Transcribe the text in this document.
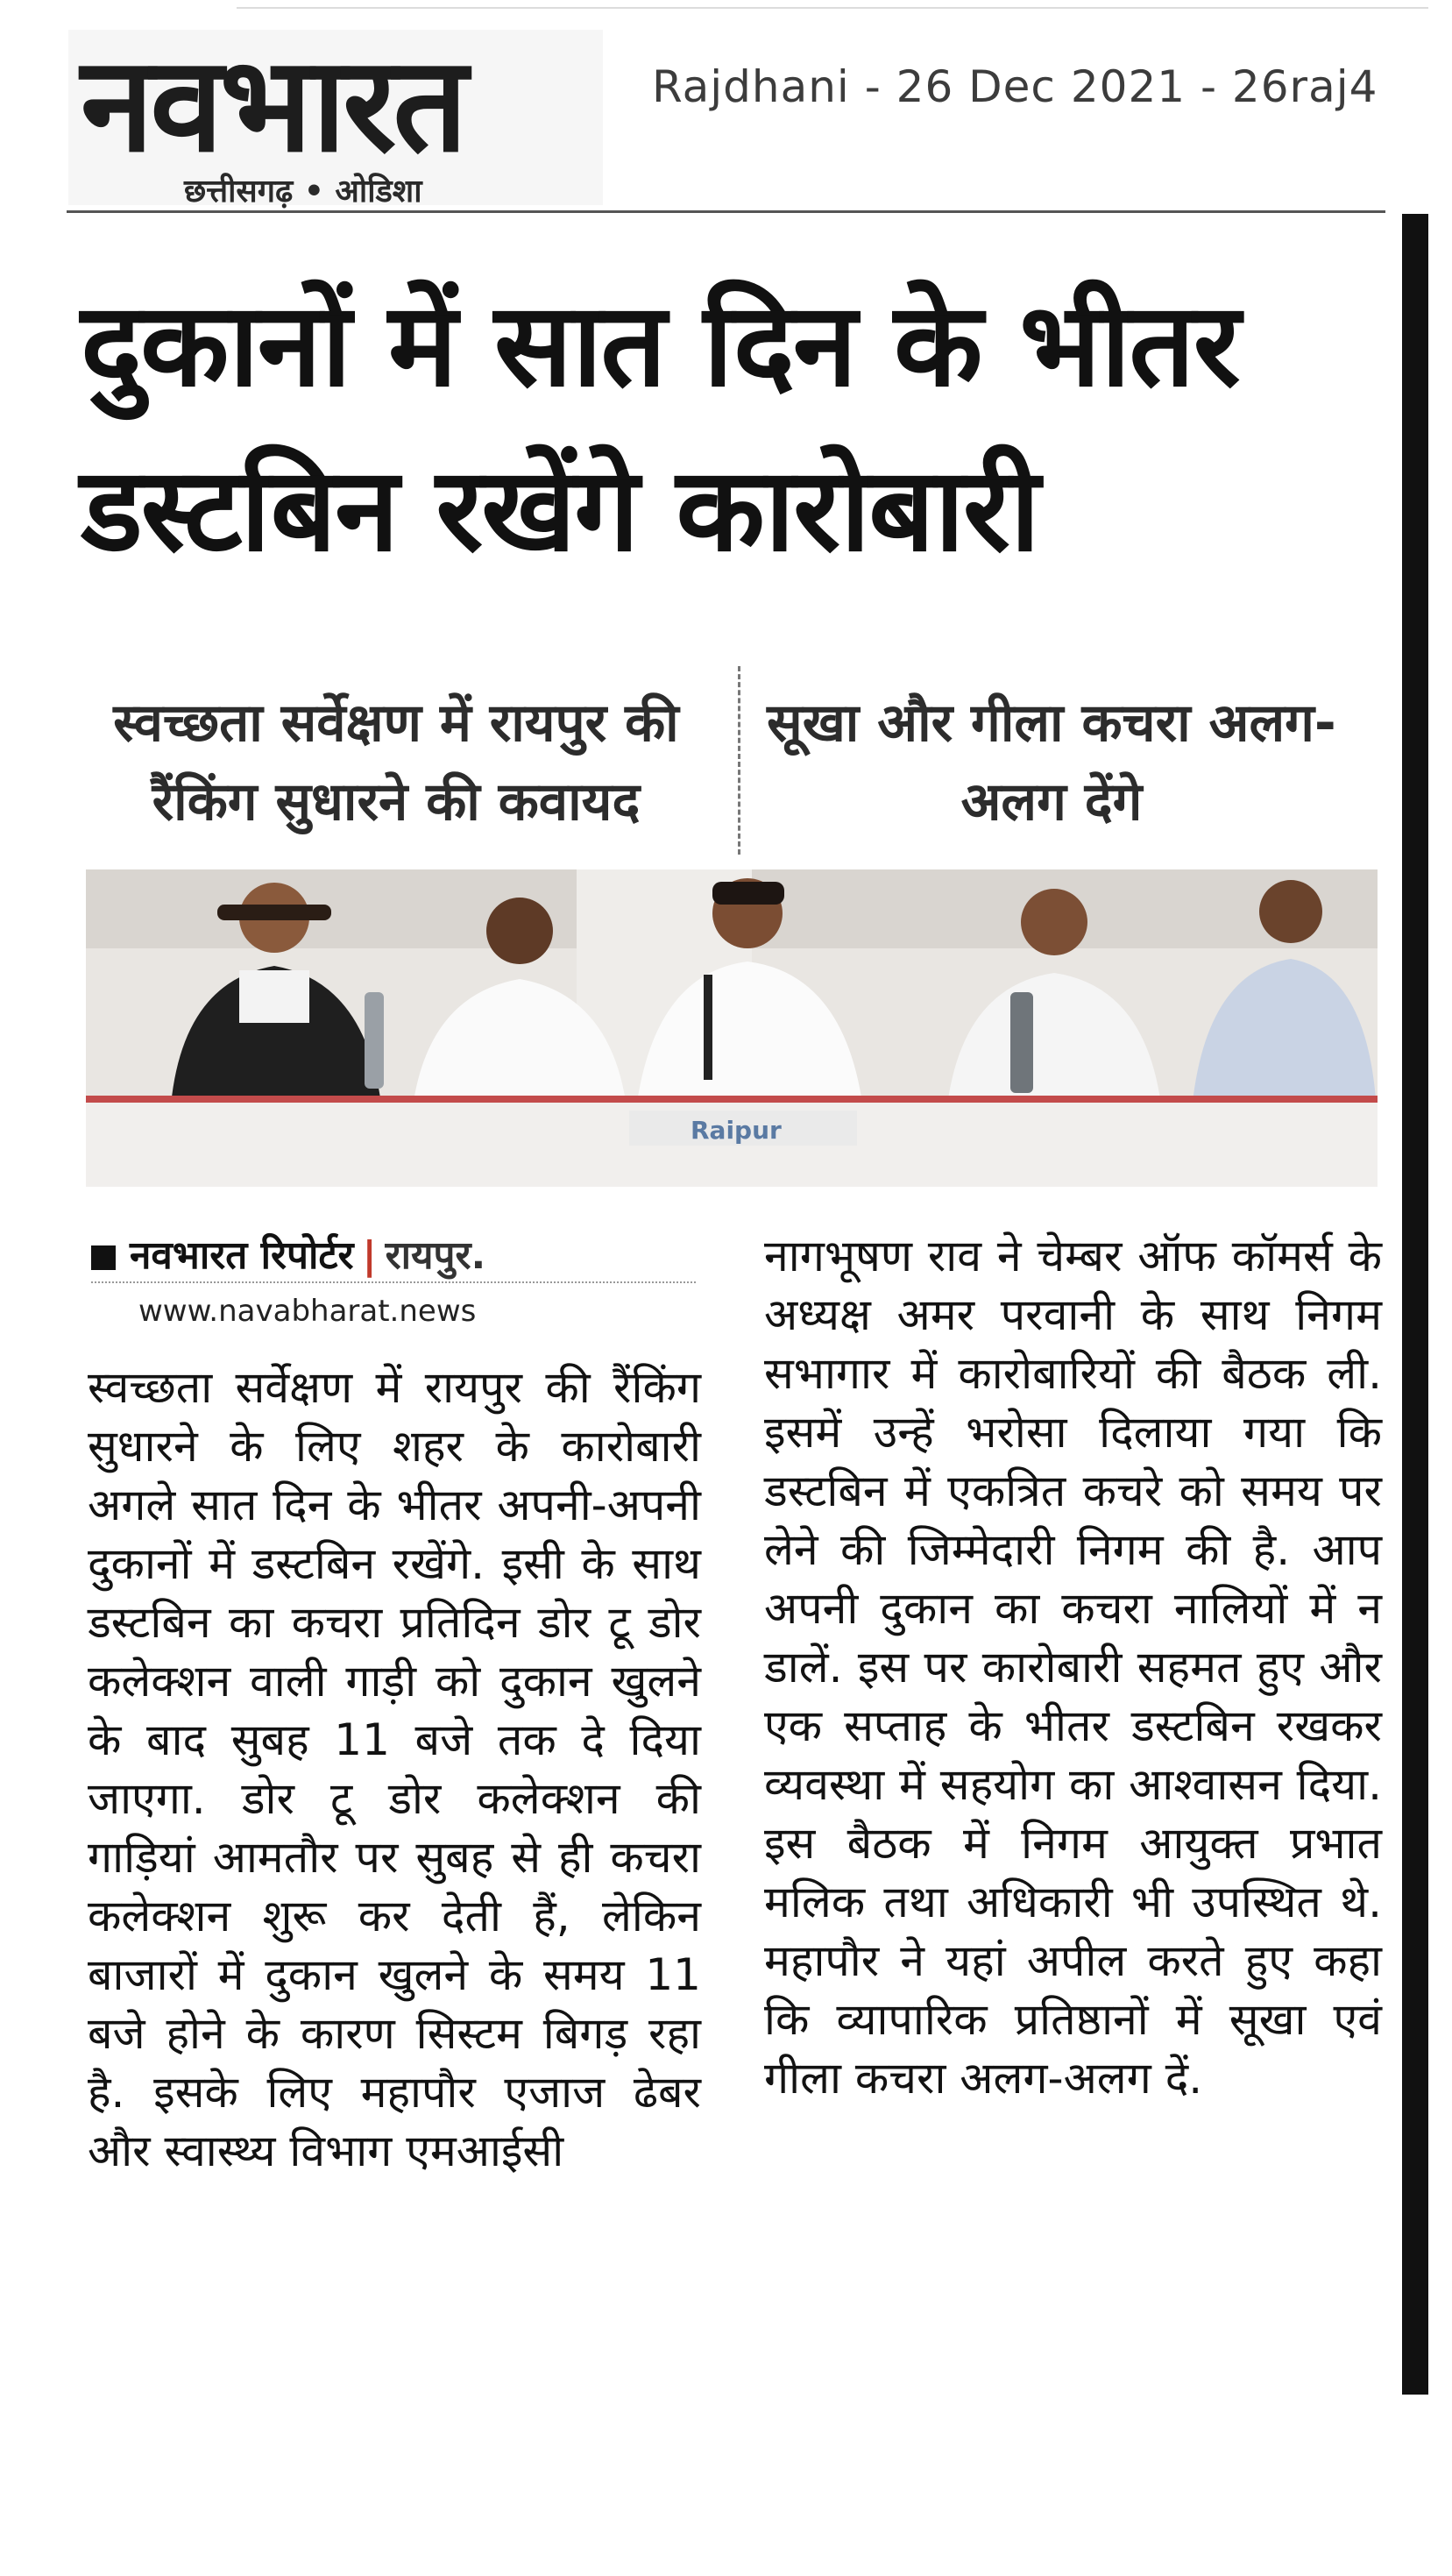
नवभारत
छत्तीसगढ़ • ओडिशा
Rajdhani - 26 Dec 2021 - 26raj4
दुकानों में सात दिन के भीतर
डस्टबिन रखेंगे कारोबारी
स्वच्छता सर्वेक्षण में रायपुर की रैंकिंग सुधारने की कवायद
सूखा और गीला कचरा अलग-अलग देंगे
Raipur
नवभारत रिपोर्टर | रायपुर.
www.navabharat.news
स्वच्छता सर्वेक्षण में रायपुर की रैंकिंग सुधारने के लिए शहर के कारोबारी अगले सात दिन के भीतर अपनी-अपनी दुकानों में डस्टबिन रखेंगे. इसी के साथ डस्टबिन का कचरा प्रतिदिन डोर टू डोर कलेक्शन वाली गाड़ी को दुकान खुलने के बाद सुबह 11 बजे तक दे दिया जाएगा. डोर टू डोर कलेक्शन की गाड़ियां आमतौर पर सुबह से ही कचरा कलेक्शन शुरू कर देती हैं, लेकिन बाजारों में दुकान खुलने के समय 11 बजे होने के कारण सिस्टम बिगड़ रहा है. इसके लिए महापौर एजाज ढेबर और स्वास्थ्य विभाग एमआईसी
नागभूषण राव ने चेम्बर ऑफ कॉमर्स के अध्यक्ष अमर परवानी के साथ निगम सभागार में कारोबारियों की बैठक ली. इसमें उन्हें भरोसा दिलाया गया कि डस्टबिन में एकत्रित कचरे को समय पर लेने की जिम्मेदारी निगम की है. आप अपनी दुकान का कचरा नालियों में न डालें. इस पर कारोबारी सहमत हुए और एक सप्ताह के भीतर डस्टबिन रखकर व्यवस्था में सहयोग का आश्वासन दिया. इस बैठक में निगम आयुक्त प्रभात मलिक तथा अधिकारी भी उपस्थित थे. महापौर ने यहां अपील करते हुए कहा कि व्यापारिक प्रतिष्ठानों में सूखा एवं गीला कचरा अलग-अलग दें.
